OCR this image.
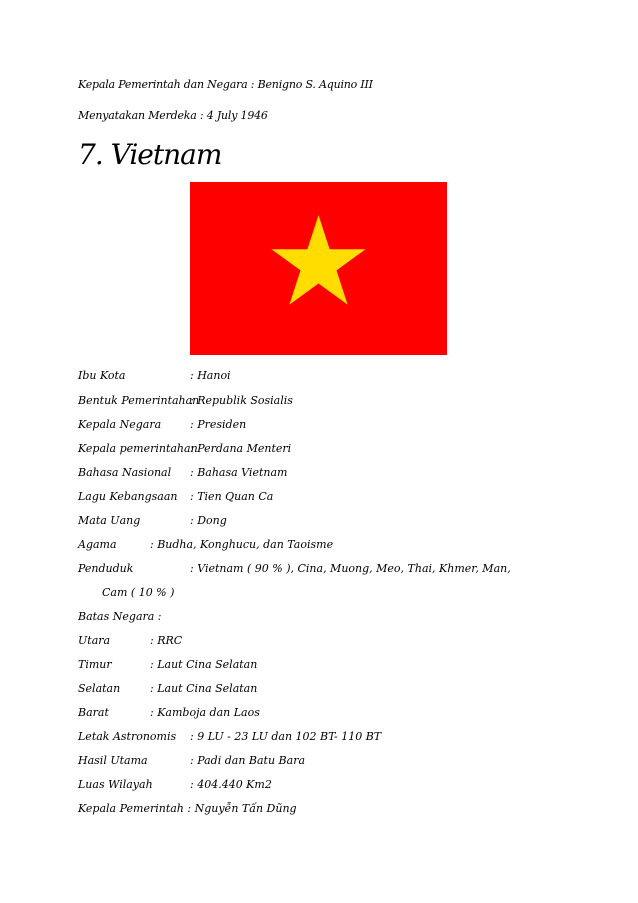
Kepala Pemerintah dan Negara : Benigno S. Aquino III
Menyatakan Merdeka : 4 July 1946
7. Vietnam
Ibu Kota	: Hanoi
Bentuk Pemerintahan
: Republik Sosialis
Kepala Negara	: Presiden
Kepala pemerintahan
: Perdana Menteri
Bahasa Nasional : Bahasa Vietnam
Lagu Kebangsaan : Tien Quan Ca
Mata Uang	: Dong
Agama	: Budha, Konghucu, dan Taoisme
Penduduk	: Vietnam ( 90 % ), Cina, Muong, Meo, Thai, Khmer, Man,
Cam ( 10 % )
Batas Negara :
Utara	: RRC
Timur	: Laut Cina Selatan
Selatan	: Laut Cina Selatan
Barat	: Kamboja dan Laos
Letak Astronomis : 9 LU - 23 LU dan 102 BT- 110 BT
Hasil Utama	: Padi dan Batu Bara
Luas Wilayah	: 404.440 Km2
Kepala Pemerintah : Nguyễn Tấn Dũng
